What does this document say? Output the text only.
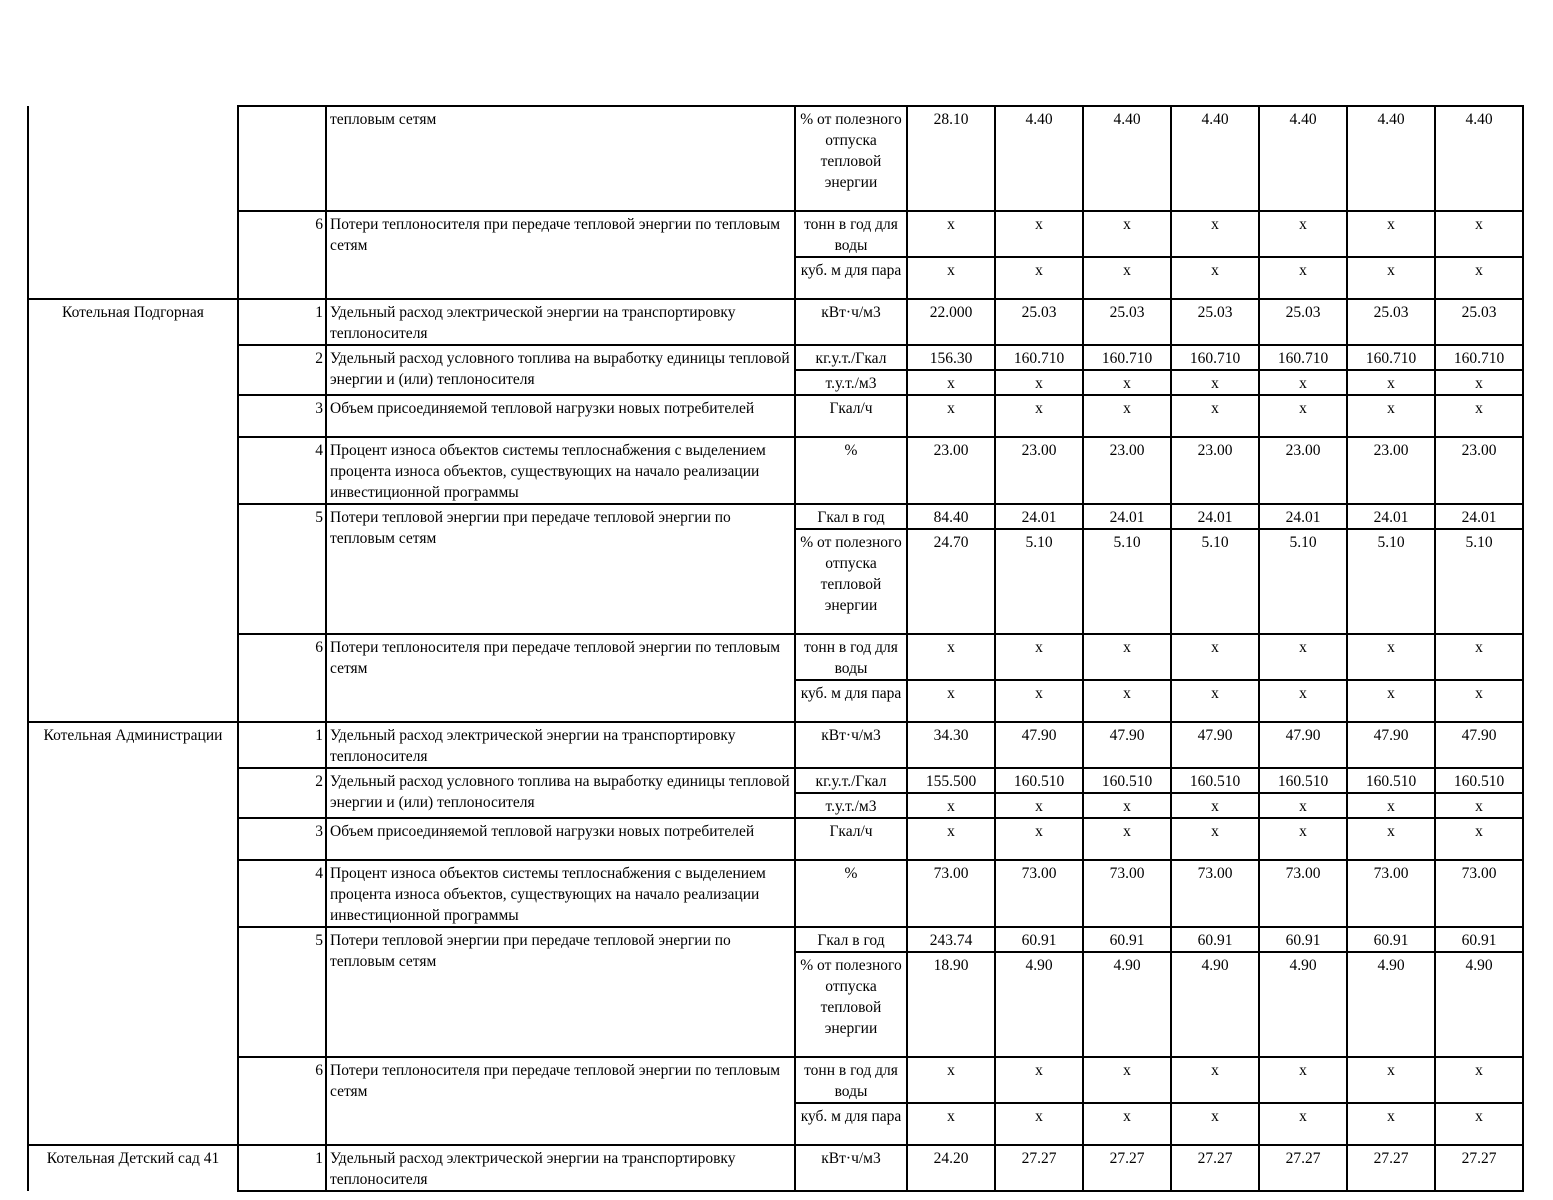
		тепловым сетям	% от полезного отпуска тепловой энергии	28.10	4.40	4.40	4.40	4.40	4.40	4.40
	6	Потери теплоносителя при передаче тепловой энергии по тепловым сетям	тонн в год для воды	x	x	x	x	x	x	x
			куб. м для пара	x	x	x	x	x	x	x
Котельная Подгорная	1	Удельный расход электрической энергии на транспортировку теплоносителя	кВт·ч/м3	22.000	25.03	25.03	25.03	25.03	25.03	25.03
	2	Удельный расход условного топлива на выработку единицы тепловой энергии и (или) теплоносителя	кг.у.т./Гкал	156.30	160.710	160.710	160.710	160.710	160.710	160.710
			т.у.т./м3	x	x	x	x	x	x	x
	3	Объем присоединяемой тепловой нагрузки новых потребителей	Гкал/ч	x	x	x	x	x	x	x
	4	Процент износа объектов системы теплоснабжения с выделением процента износа объектов, существующих на начало реализации инвестиционной программы	%	23.00	23.00	23.00	23.00	23.00	23.00	23.00
	5	Потери тепловой энергии при передаче тепловой энергии по тепловым сетям	Гкал в год	84.40	24.01	24.01	24.01	24.01	24.01	24.01
			% от полезного отпуска тепловой энергии	24.70	5.10	5.10	5.10	5.10	5.10	5.10
	6	Потери теплоносителя при передаче тепловой энергии по тепловым сетям	тонн в год для воды	x	x	x	x	x	x	x
			куб. м для пара	x	x	x	x	x	x	x
Котельная Администрации	1	Удельный расход электрической энергии на транспортировку теплоносителя	кВт·ч/м3	34.30	47.90	47.90	47.90	47.90	47.90	47.90
	2	Удельный расход условного топлива на выработку единицы тепловой энергии и (или) теплоносителя	кг.у.т./Гкал	155.500	160.510	160.510	160.510	160.510	160.510	160.510
			т.у.т./м3	x	x	x	x	x	x	x
	3	Объем присоединяемой тепловой нагрузки новых потребителей	Гкал/ч	x	x	x	x	x	x	x
	4	Процент износа объектов системы теплоснабжения с выделением процента износа объектов, существующих на начало реализации инвестиционной программы	%	73.00	73.00	73.00	73.00	73.00	73.00	73.00
	5	Потери тепловой энергии при передаче тепловой энергии по тепловым сетям	Гкал в год	243.74	60.91	60.91	60.91	60.91	60.91	60.91
			% от полезного отпуска тепловой энергии	18.90	4.90	4.90	4.90	4.90	4.90	4.90
	6	Потери теплоносителя при передаче тепловой энергии по тепловым сетям	тонн в год для воды	x	x	x	x	x	x	x
			куб. м для пара	x	x	x	x	x	x	x
Котельная Детский сад 41	1	Удельный расход электрической энергии на транспортировку теплоносителя	кВт·ч/м3	24.20	27.27	27.27	27.27	27.27	27.27	27.27
